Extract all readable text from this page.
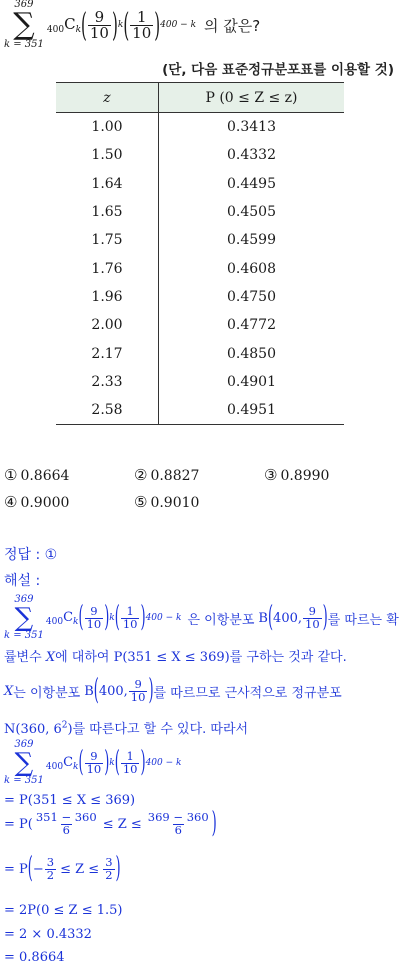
369
∑
k = 351
$_{400}C_k$ ( $\frac{9}{10}$ ) k ( $\frac{1}{10}$ ) 400 − k 의 값은?
(단, 다음 표준정규분포표를 이용할 것)
z	P (0 ≤ Z ≤ z)
1.00	0.3413
1.50	0.4332
1.64	0.4495
1.65	0.4505
1.75	0.4599
1.76	0.4608
1.96	0.4750
2.00	0.4772
2.17	0.4850
2.33	0.4901
2.58	0.4951
① 0.8664	② 0.8827	③ 0.8990
④ 0.9000	⑤ 0.9010
정답 : ①
해설 :
369
∑
k = 351
$_{400}C_k$ ( $\frac{9}{10}$ ) k ( $\frac{1}{10}$ ) 400 − k 은 이항분포 B ( 400, $\frac{9}{10}$ ) 를 따르는 확
률변수 X에 대하여 P(351 ≤ X ≤ 369)를 구하는 것과 같다.
X 는 이항분포 B ( 400, $\frac{9}{10}$ ) 를 따르므로 근사적으로 정규분포
N(360, $6^2$)를 따른다고 할 수 있다. 따라서
369
∑
k = 351
$_{400}C_k$ ( $\frac{9}{10}$ ) k ( $\frac{1}{10}$ ) 400 − k
= P(351 ≤ X ≤ 369)
= $P( \frac{351 - 360}{6} \le Z \le \frac{369 - 360}{6}$ )
= P ( − $\frac{3}{2} \le Z \le \frac{3}{2}$ )
= 2P(0 ≤ Z ≤ 1.5)
= 2 × 0.4332
= 0.8664
